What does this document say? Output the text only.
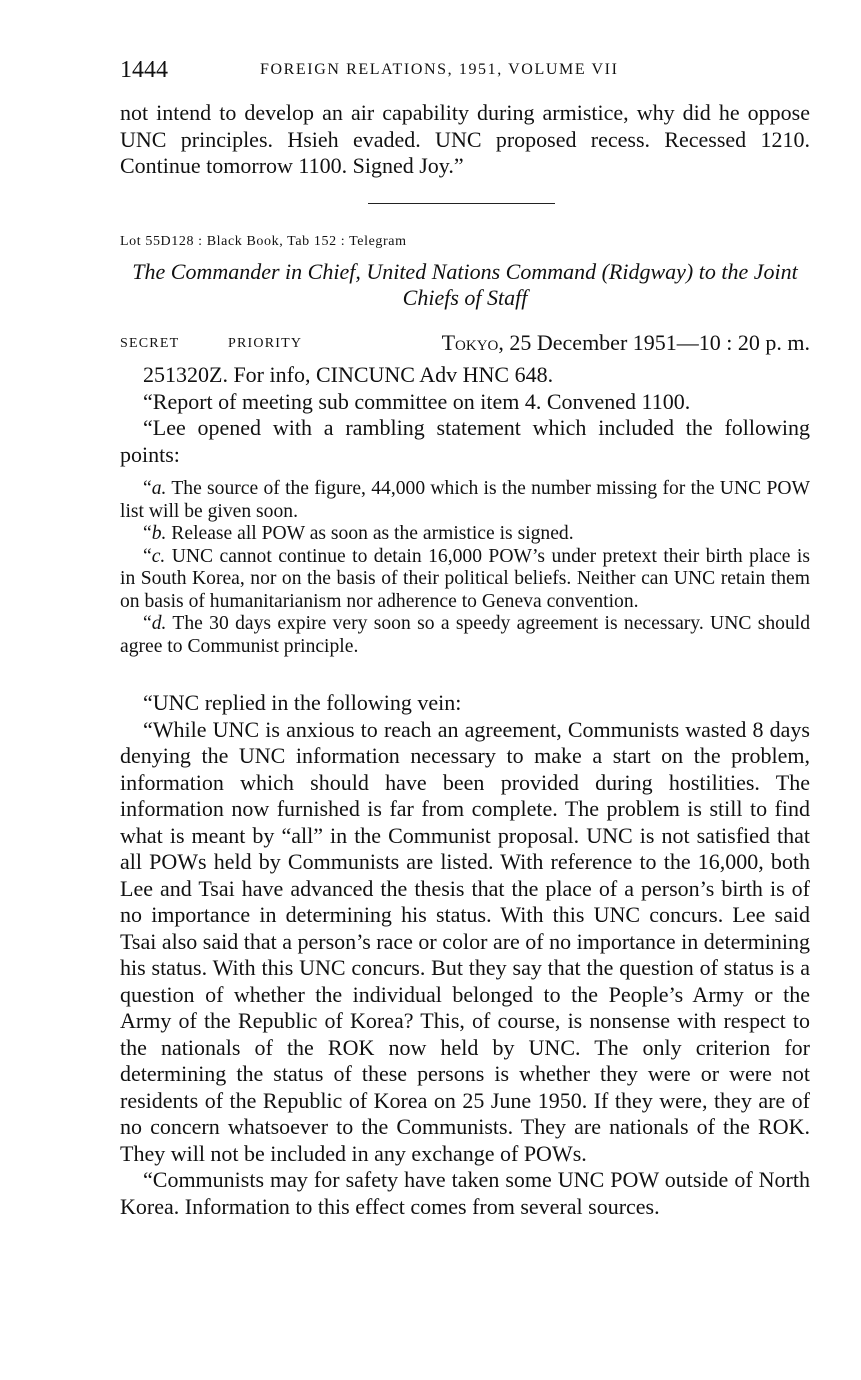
1444	FOREIGN RELATIONS, 1951, VOLUME VII

not intend to develop an air capability during armistice, why did he oppose UNC principles. Hsieh evaded. UNC proposed recess. Recessed 1210. Continue tomorrow 1100. Signed Joy.”

Lot 55D128 : Black Book, Tab 152 : Telegram
The Commander in Chief, United Nations Command (Ridgway) to the Joint Chiefs of Staff
SECRET	PRIORITY	Tokyo, 25 December 1951—10 : 20 p. m.

251320Z. For info, CINCUNC Adv HNC 648.

“Report of meeting sub committee on item 4. Convened 1100.

“Lee opened with a rambling statement which included the following points:

“a. The source of the figure, 44,000 which is the number missing for the UNC POW list will be given soon.

“b. Release all POW as soon as the armistice is signed.

“c. UNC cannot continue to detain 16,000 POW’s under pretext their birth place is in South Korea, nor on the basis of their political beliefs. Neither can UNC retain them on basis of humanitarianism nor adherence to Geneva convention.

“d. The 30 days expire very soon so a speedy agreement is necessary. UNC should agree to Communist principle.

“UNC replied in the following vein:

“While UNC is anxious to reach an agreement, Communists wasted 8 days denying the UNC information necessary to make a start on the problem, information which should have been provided during hostilities. The information now furnished is far from complete. The problem is still to find what is meant by “all” in the Communist proposal. UNC is not satisfied that all POWs held by Communists are listed. With reference to the 16,000, both Lee and Tsai have advanced the thesis that the place of a person’s birth is of no importance in determining his status. With this UNC concurs. Lee said Tsai also said that a person’s race or color are of no importance in determining his status. With this UNC concurs. But they say that the question of status is a question of whether the individual belonged to the People’s Army or the Army of the Republic of Korea? This, of course, is nonsense with respect to the nationals of the ROK now held by UNC. The only criterion for determining the status of these persons is whether they were or were not residents of the Republic of Korea on 25 June 1950. If they were, they are of no concern whatsoever to the Communists. They are nationals of the ROK. They will not be included in any exchange of POWs.

“Communists may for safety have taken some UNC POW outside of North Korea. Information to this effect comes from several sources.
